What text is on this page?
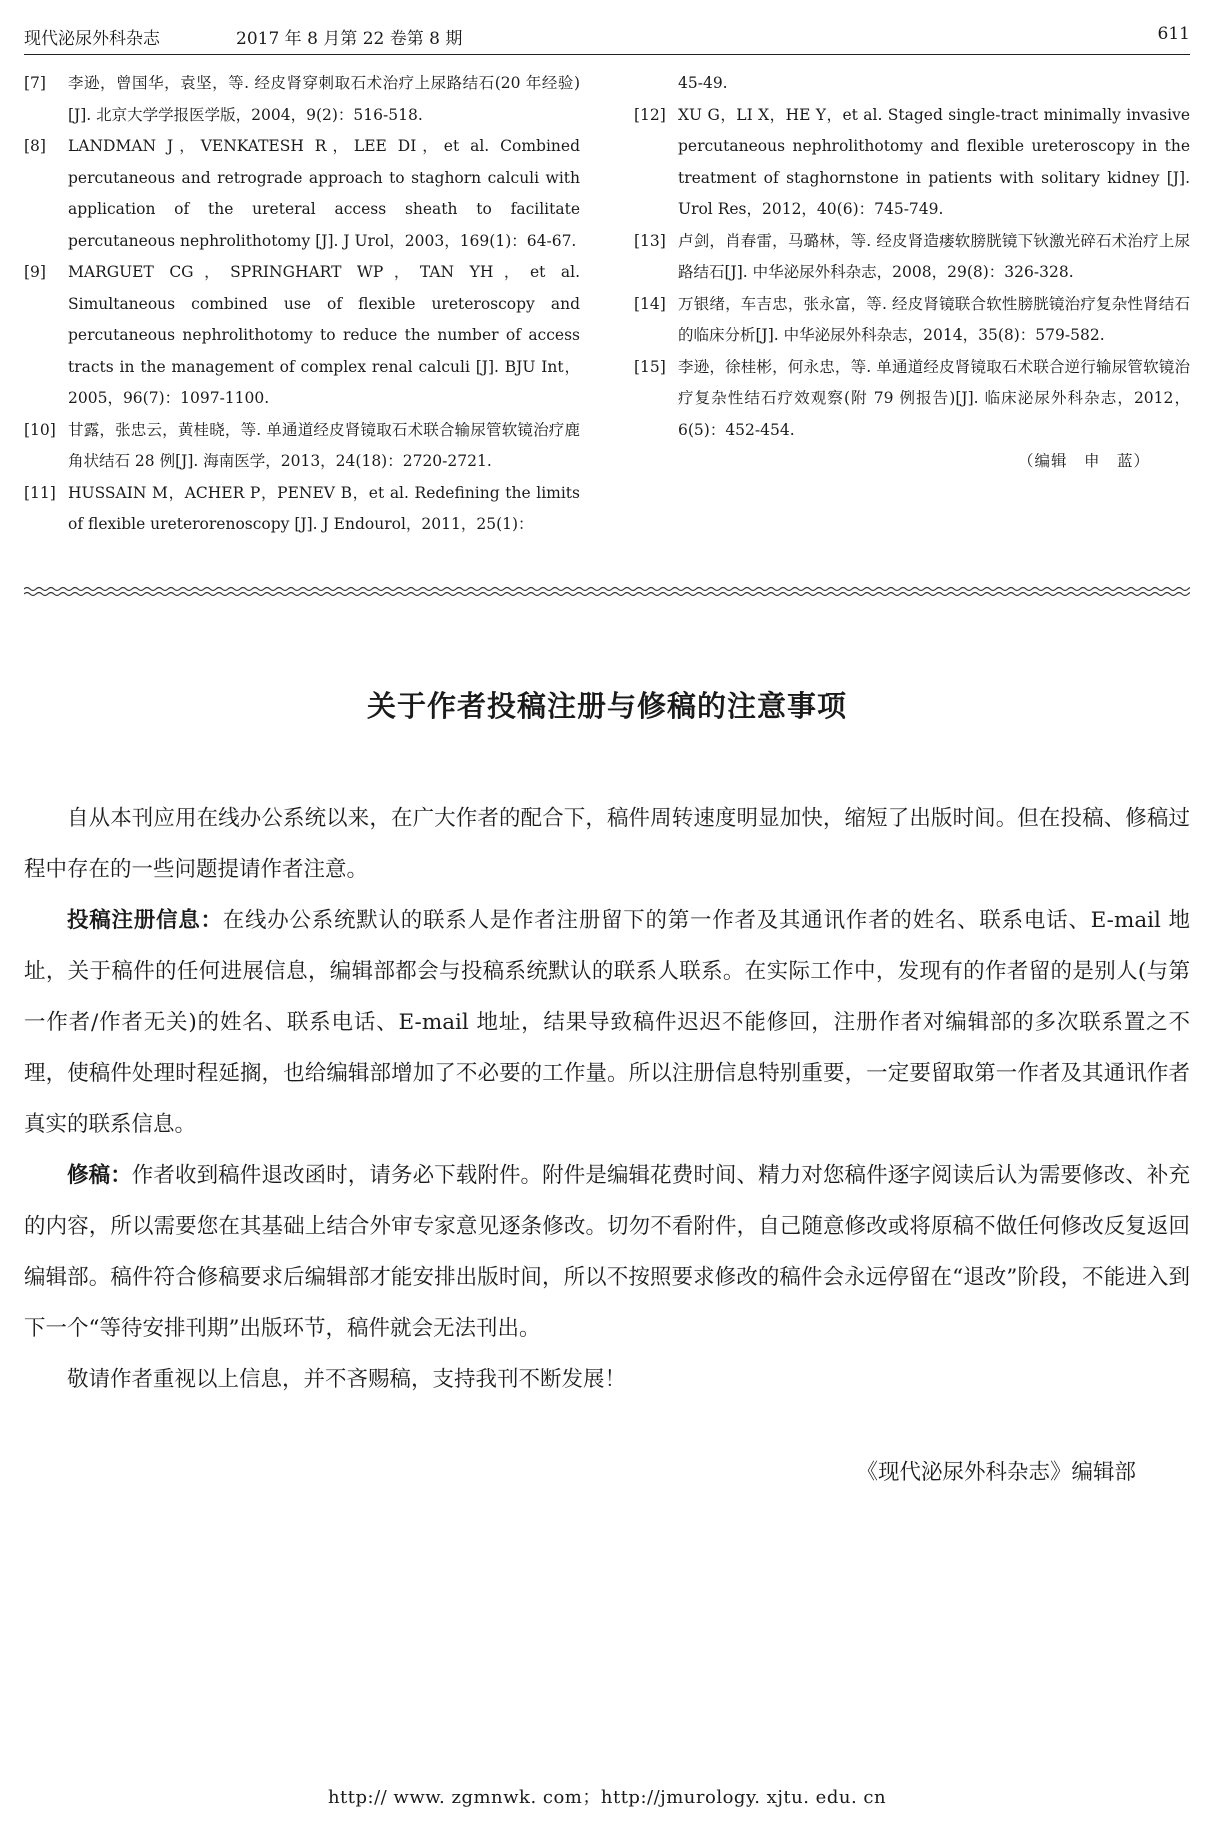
现代泌尿外科杂志	2017 年 8 月第 22 卷第 8 期	611
[7]	李逊，曾国华，袁坚，等. 经皮肾穿刺取石术治疗上尿路结石(20 年经验)[J]. 北京大学学报医学版，2004，9(2)：516-518.
[8]	LANDMAN J，VENKATESH R，LEE DI，et al. Combined percutaneous and retrograde approach to staghorn calculi with application of the ureteral access sheath to facilitate percutaneous nephrolithotomy [J]. J Urol，2003，169(1)：64-67.
[9]	MARGUET CG，SPRINGHART WP，TAN YH，et al. Simultaneous combined use of flexible ureteroscopy and percutaneous nephrolithotomy to reduce the number of access tracts in the management of complex renal calculi [J]. BJU Int，2005，96(7)：1097-1100.
[10] 甘露，张忠云，黄桂晓，等. 单通道经皮肾镜取石术联合输尿管软镜治疗鹿角状结石 28 例[J]. 海南医学，2013，24(18)：2720-2721.
[11] HUSSAIN M，ACHER P，PENEV B，et al. Redefining the limits of flexible ureterorenoscopy [J]. J Endourol，2011，25(1)：
45-49.
[12] XU G，LI X，HE Y，et al. Staged single-tract minimally invasive percutaneous nephrolithotomy and flexible ureteroscopy in the treatment of staghornstone in patients with solitary kidney [J]. Urol Res，2012，40(6)：745-749.
[13] 卢剑，肖春雷，马璐林，等. 经皮肾造瘘软膀胱镜下钬激光碎石术治疗上尿路结石[J]. 中华泌尿外科杂志，2008，29(8)：326-328.
[14] 万银绪，车吉忠，张永富，等. 经皮肾镜联合软性膀胱镜治疗复杂性肾结石的临床分析[J]. 中华泌尿外科杂志，2014，35(8)：579-582.
[15] 李逊，徐桂彬，何永忠，等. 单通道经皮肾镜取石术联合逆行输尿管软镜治疗复杂性结石疗效观察(附 79 例报告)[J]. 临床泌尿外科杂志，2012，6(5)：452-454.
（编辑　申　蓝）
关于作者投稿注册与修稿的注意事项

自从本刊应用在线办公系统以来，在广大作者的配合下，稿件周转速度明显加快，缩短了出版时间。但在投稿、修稿过程中存在的一些问题提请作者注意。

投稿注册信息：在线办公系统默认的联系人是作者注册留下的第一作者及其通讯作者的姓名、联系电话、E-mail 地址，关于稿件的任何进展信息，编辑部都会与投稿系统默认的联系人联系。在实际工作中，发现有的作者留的是别人(与第一作者/作者无关)的姓名、联系电话、E-mail 地址，结果导致稿件迟迟不能修回，注册作者对编辑部的多次联系置之不理，使稿件处理时程延搁，也给编辑部增加了不必要的工作量。所以注册信息特别重要，一定要留取第一作者及其通讯作者真实的联系信息。

修稿：作者收到稿件退改函时，请务必下载附件。附件是编辑花费时间、精力对您稿件逐字阅读后认为需要修改、补充的内容，所以需要您在其基础上结合外审专家意见逐条修改。切勿不看附件，自己随意修改或将原稿不做任何修改反复返回编辑部。稿件符合修稿要求后编辑部才能安排出版时间，所以不按照要求修改的稿件会永远停留在“退改”阶段，不能进入到下一个“等待安排刊期”出版环节，稿件就会无法刊出。

敬请作者重视以上信息，并不吝赐稿，支持我刊不断发展！

《现代泌尿外科杂志》编辑部
http:// www. zgmnwk. com；http://jmurology. xjtu. edu. cn
